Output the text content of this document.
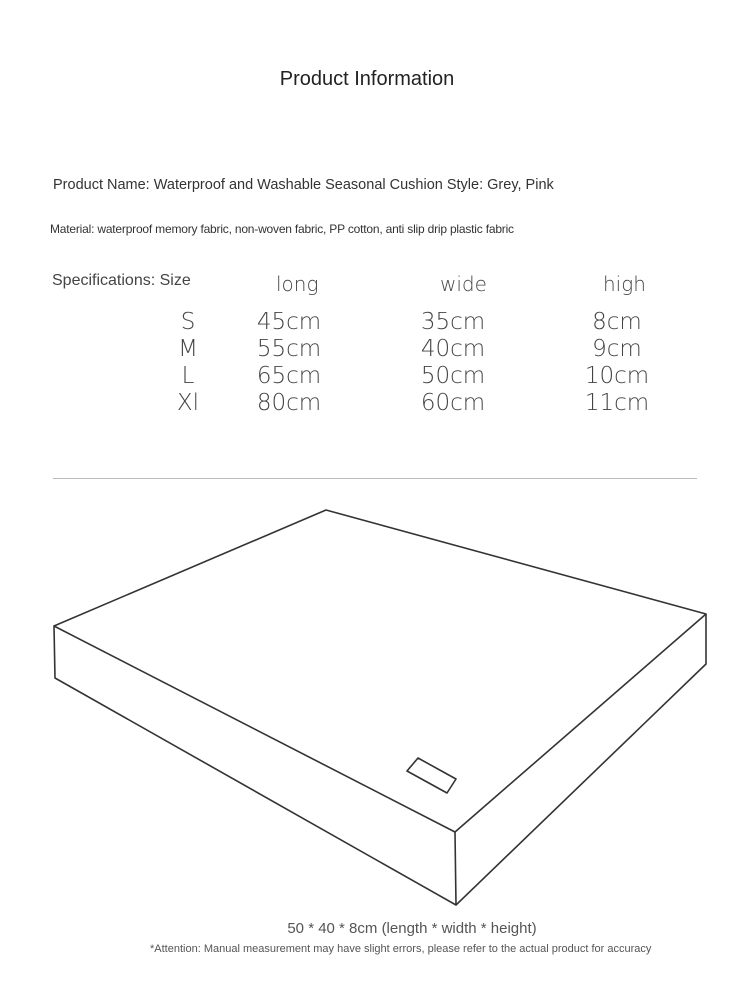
Product Information
Product Name: Waterproof and Washable Seasonal Cushion Style: Grey, Pink
Material: waterproof memory fabric, non-woven fabric, PP cotton, anti slip drip plastic fabric
Specifications: Size	long	wide	high
S	45cm	35cm	8cm
M	55cm	40cm	9cm
L	65cm	50cm	10cm
Xl	80cm	60cm	11cm
50 * 40 * 8cm (length * width * height)
*Attention: Manual measurement may have slight errors, please refer to the actual product for accuracy
